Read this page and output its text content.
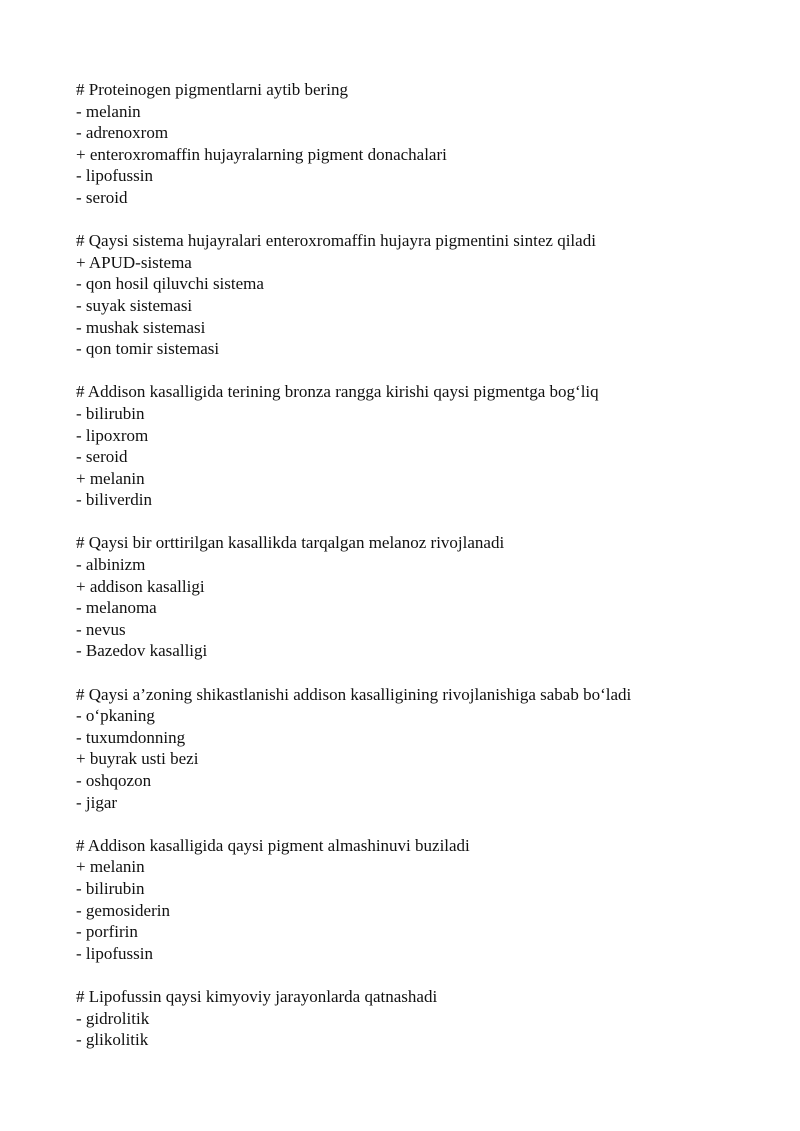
# Proteinogen pigmentlarni aytib bering
- melanin
- adrenoxrom
+ enteroxromaffin hujayralarning pigment donachalari
- lipofussin
- seroid
# Qaysi sistema hujayralari enteroxromaffin hujayra pigmentini sintez qiladi
+ APUD-sistema
- qon hosil qiluvchi sistema
- suyak sistemasi
- mushak sistemasi
- qon tomir sistemasi
# Addison kasalligida terining bronza rangga kirishi qaysi pigmentga bog‘liq
- bilirubin
- lipoxrom
- seroid
+ melanin
- biliverdin
# Qaysi bir orttirilgan kasallikda tarqalgan melanoz rivojlanadi
- albinizm
+ addison kasalligi
- melanoma
- nevus
- Bazedov kasalligi
# Qaysi a’zoning shikastlanishi addison kasalligining rivojlanishiga sabab bo‘ladi
- o‘pkaning
- tuxumdonning
+ buyrak usti bezi
- oshqozon
- jigar
# Addison kasalligida qaysi pigment almashinuvi buziladi
+ melanin
- bilirubin
- gemosiderin
- porfirin
- lipofussin
# Lipofussin qaysi kimyoviy jarayonlarda qatnashadi
- gidrolitik
- glikolitik
